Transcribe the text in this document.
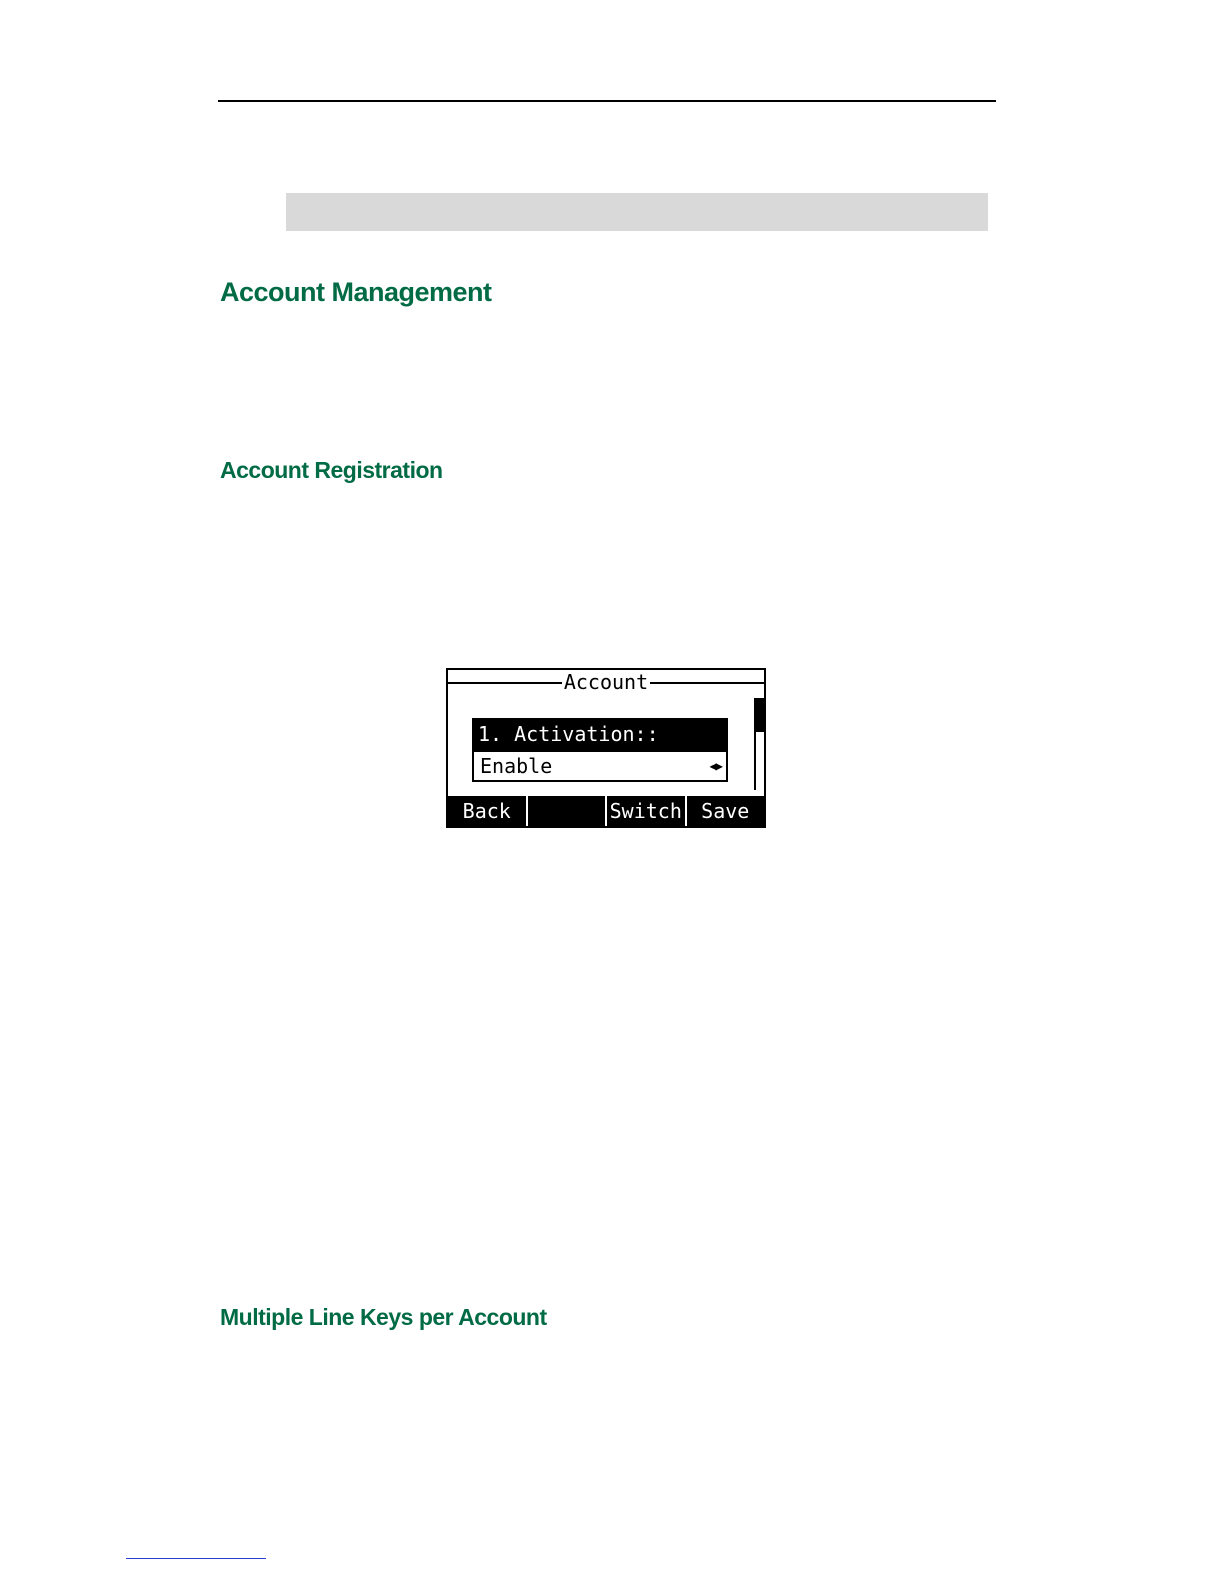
Account Management
Account Registration
Account
1. Activation::
Enable	◀▶
Back	Switch Save
Multiple Line Keys per Account
